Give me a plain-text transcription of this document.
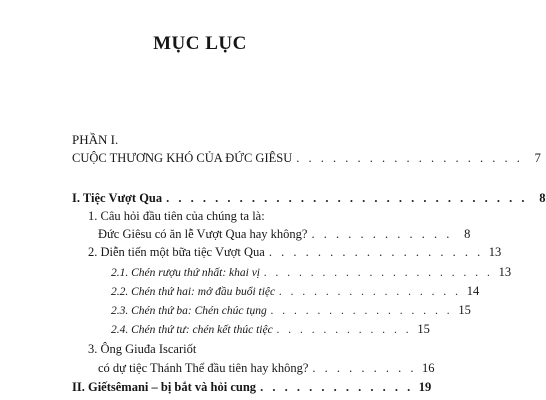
MỤC LỤC
PHẦN I.
CUỘC THƯƠNG KHÓ CỦA ĐỨC GIÊSU . . . . . . . . . . . . . . . . . . . 7
I. Tiệc Vượt Qua . . . . . . . . . . . . . . . . . . . . . . . . . . . . . . 8
1. Câu hỏi đầu tiên của chúng ta là:
Đức Giêsu có ăn lễ Vượt Qua hay không? . . . . . . . . . . . . 8
2. Diễn tiến một bữa tiệc Vượt Qua . . . . . . . . . . . . . . . . . . 13
2.1. Chén rượu thứ nhất: khai vị . . . . . . . . . . . . . . . . . . . . 13
2.2. Chén thứ hai: mở đầu buổi tiệc . . . . . . . . . . . . . . . . 14
2.3. Chén thứ ba: Chén chúc tụng . . . . . . . . . . . . . . . . 15
2.4. Chén thứ tư: chén kết thúc tiệc . . . . . . . . . . . . 15
3. Ông Giuđa Iscariốt
có dự tiệc Thánh Thể đầu tiên hay không? . . . . . . . . . 16
II. Giếtsêmani – bị bắt và hỏi cung . . . . . . . . . . . . . 19
